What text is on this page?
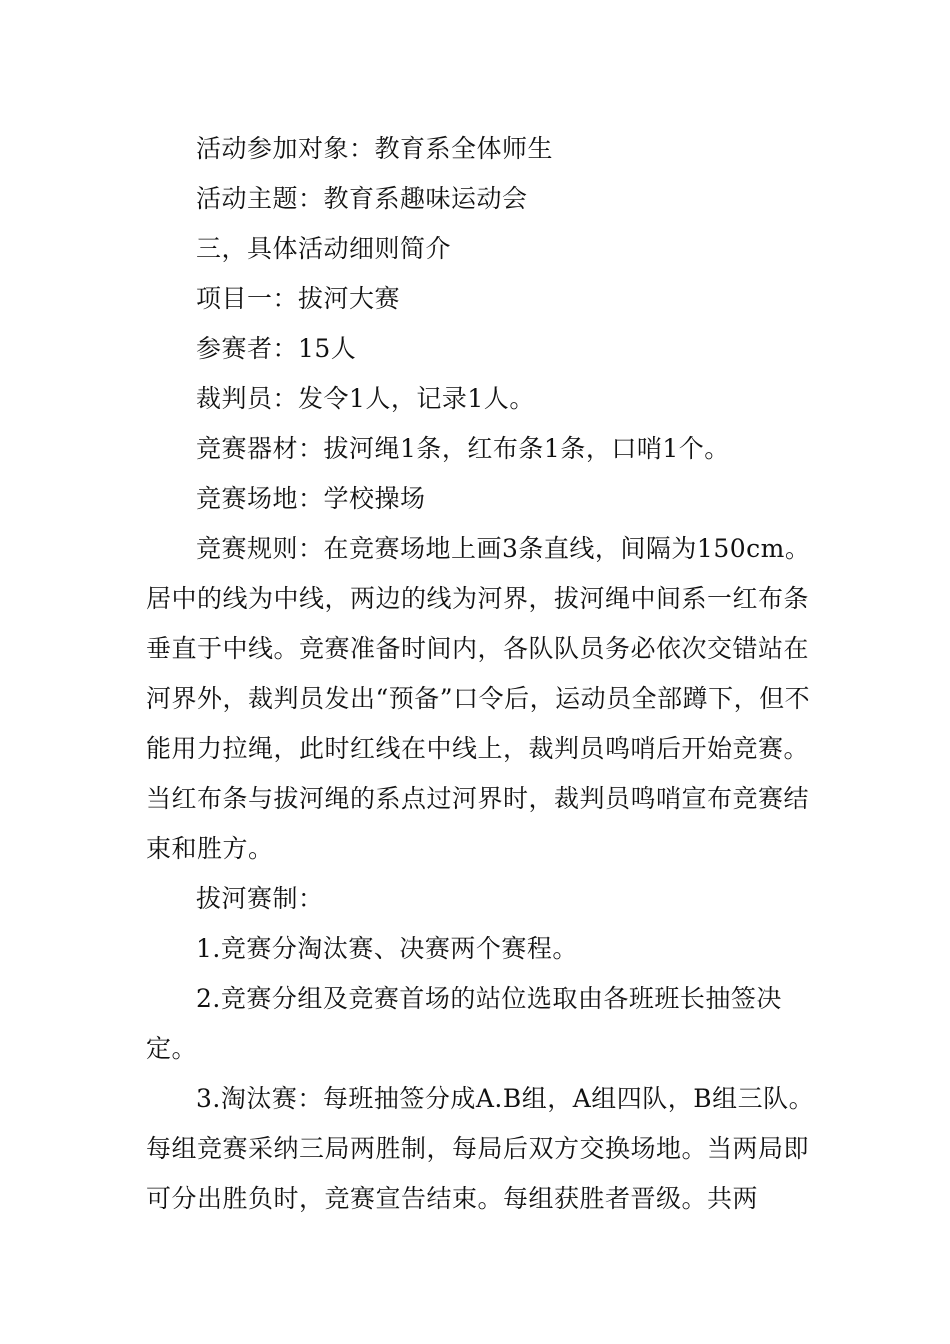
活动参加对象：教育系全体师生

活动主题：教育系趣味运动会

三，具体活动细则简介

项目一：拔河大赛

参赛者：15人

裁判员：发令1人，记录1人。

竞赛器材：拔河绳1条，红布条1条，口哨1个。

竞赛场地：学校操场

竞赛规则：在竞赛场地上画3条直线，间隔为150cm。居中的线为中线，两边的线为河界，拔河绳中间系一红布条垂直于中线。竞赛准备时间内，各队队员务必依次交错站在河界外，裁判员发出“预备”口令后，运动员全部蹲下，但不能用力拉绳，此时红线在中线上，裁判员鸣哨后开始竞赛。当红布条与拔河绳的系点过河界时，裁判员鸣哨宣布竞赛结束和胜方。

拔河赛制：

1.竞赛分淘汰赛、决赛两个赛程。

2.竞赛分组及竞赛首场的站位选取由各班班长抽签决定。

3.淘汰赛：每班抽签分成A.B组，A组四队，B组三队。每组竞赛采纳三局两胜制，每局后双方交换场地。当两局即可分出胜负时，竞赛宣告结束。每组获胜者晋级。共两
